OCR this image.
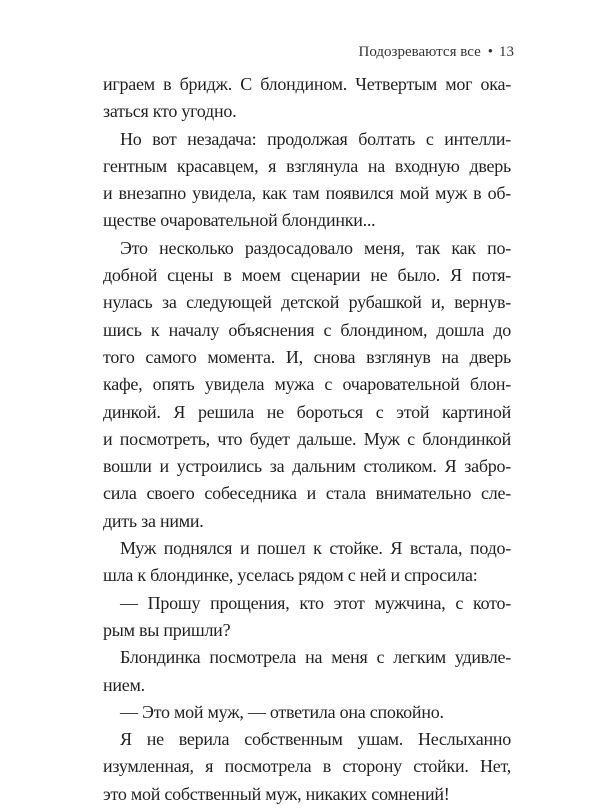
Подозреваются все • 13
играем в бридж. С блондином. Четвертым мог ока-
заться кто угодно.
Но вот незадача: продолжая болтать с интелли-
гентным красавцем, я взглянула на входную дверь
и внезапно увидела, как там появился мой муж в об-
ществе очаровательной блондинки...
Это несколько раздосадовало меня, так как по-
добной сцены в моем сценарии не было. Я потя-
нулась за следующей детской рубашкой и, вернув-
шись к началу объяснения с блондином, дошла до
того самого момента. И, снова взглянув на дверь
кафе, опять увидела мужа с очаровательной блон-
динкой. Я решила не бороться с этой картиной
и посмотреть, что будет дальше. Муж с блондинкой
вошли и устроились за дальним столиком. Я забро-
сила своего собеседника и стала внимательно сле-
дить за ними.
Муж поднялся и пошел к стойке. Я встала, подо-
шла к блондинке, уселась рядом с ней и спросила:
— Прошу прощения, кто этот мужчина, с кото-
рым вы пришли?
Блондинка посмотрела на меня с легким удивле-
нием.
— Это мой муж, — ответила она спокойно.
Я не верила собственным ушам. Неслыханно
изумленная, я посмотрела в сторону стойки. Нет,
это мой собственный муж, никаких сомнений!
